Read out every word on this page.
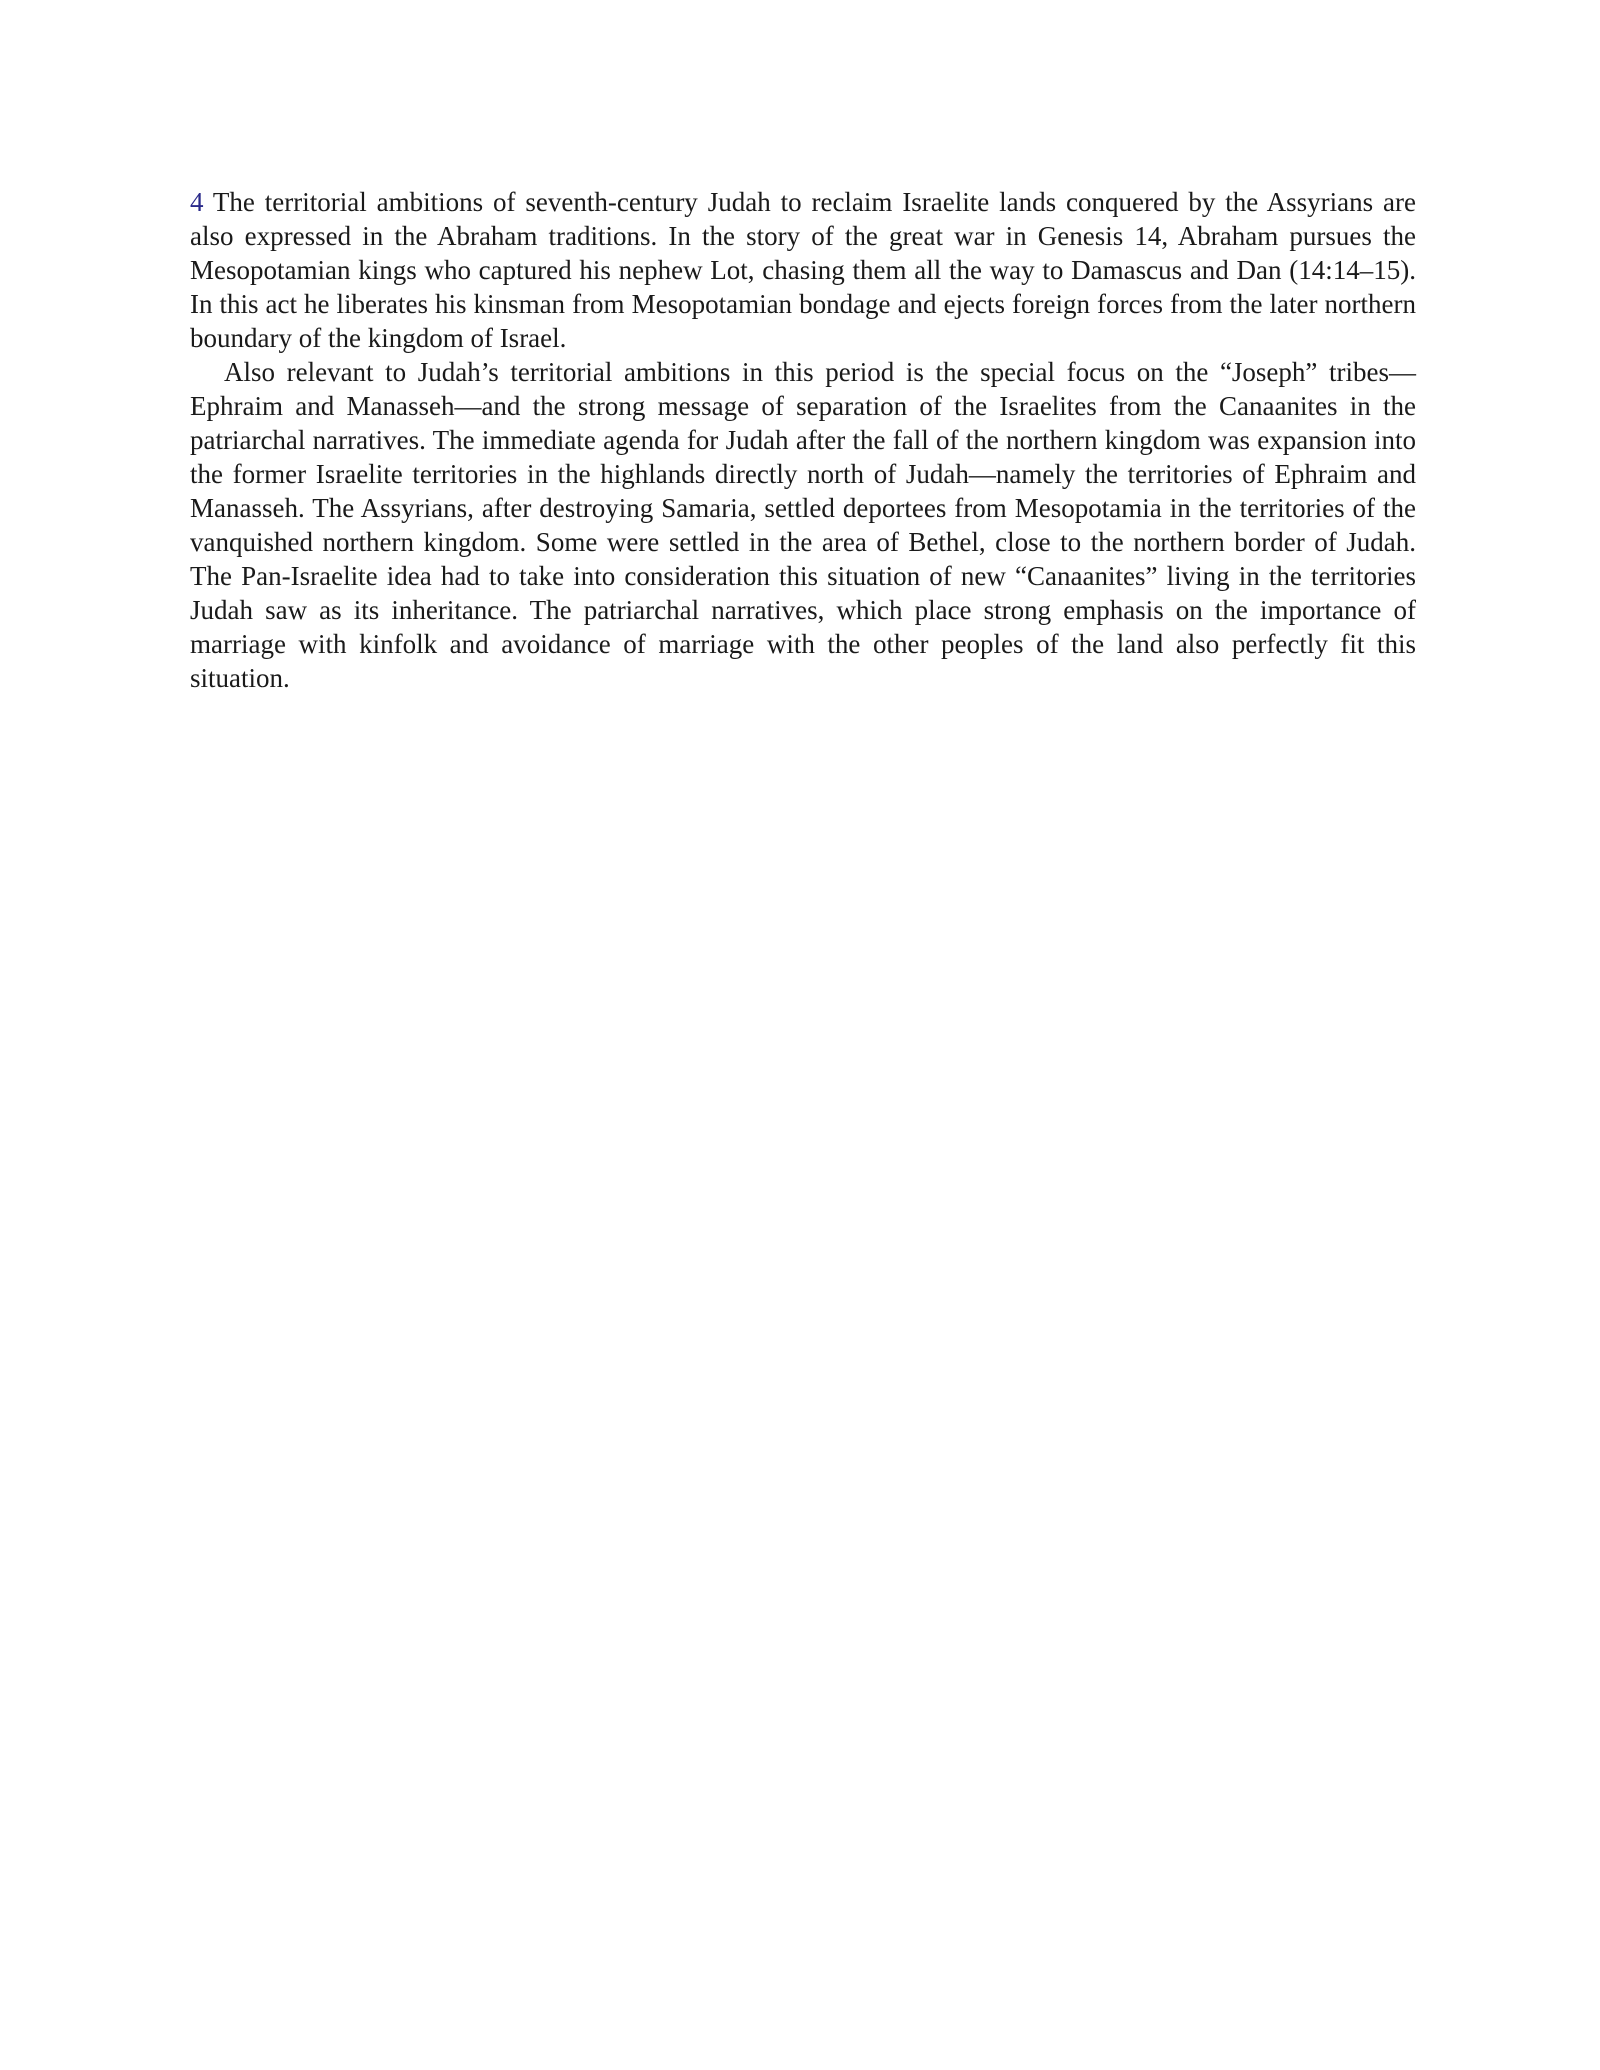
4 The territorial ambitions of seventh-century Judah to reclaim Israelite lands conquered by the Assyrians are also expressed in the Abraham traditions. In the story of the great war in Genesis 14, Abraham pursues the Mesopotamian kings who captured his nephew Lot, chasing them all the way to Damascus and Dan (14:14–15). In this act he liberates his kinsman from Mesopotamian bondage and ejects foreign forces from the later northern boundary of the kingdom of Israel.

Also relevant to Judah’s territorial ambitions in this period is the special focus on the “Joseph” tribes—Ephraim and Manasseh—and the strong message of separation of the Israelites from the Canaanites in the patriarchal narratives. The immediate agenda for Judah after the fall of the northern kingdom was expansion into the former Israelite territories in the highlands directly north of Judah—namely the territories of Ephraim and Manasseh. The Assyrians, after destroying Samaria, settled deportees from Mesopotamia in the territories of the vanquished northern kingdom. Some were settled in the area of Bethel, close to the northern border of Judah. The Pan-Israelite idea had to take into consideration this situation of new “Canaanites” living in the territories Judah saw as its inheritance. The patriarchal narratives, which place strong emphasis on the importance of marriage with kinfolk and avoidance of marriage with the other peoples of the land also perfectly fit this situation.
